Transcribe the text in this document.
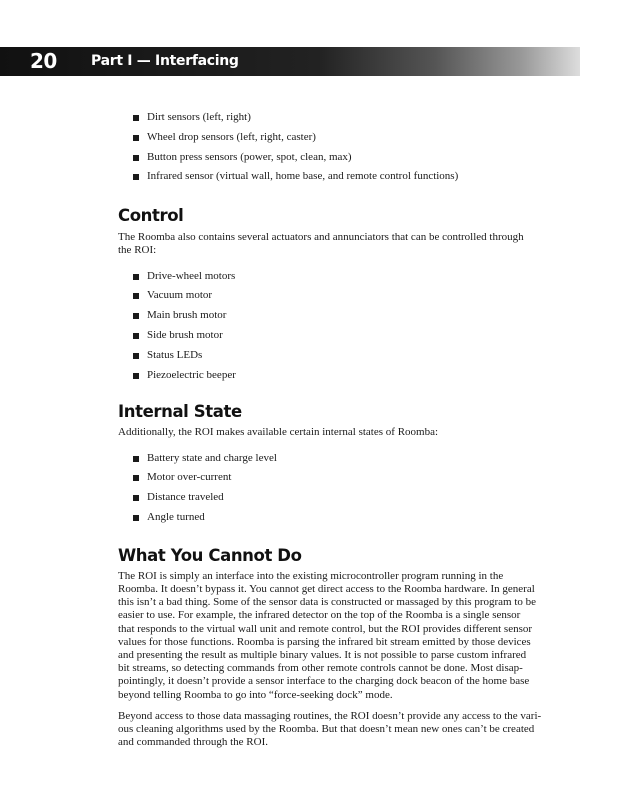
20 Part I — Interfacing
Dirt sensors (left, right)
Wheel drop sensors (left, right, caster)
Button press sensors (power, spot, clean, max)
Infrared sensor (virtual wall, home base, and remote control functions)
Control

The Roomba also contains several actuators and annunciators that can be controlled through
the ROI:

Drive-wheel motors
Vacuum motor
Main brush motor
Side brush motor
Status LEDs
Piezoelectric beeper
Internal State

Additionally, the ROI makes available certain internal states of Roomba:

Battery state and charge level
Motor over-current
Distance traveled
Angle turned
What You Cannot Do

The ROI is simply an interface into the existing microcontroller program running in the
Roomba. It doesn’t bypass it. You cannot get direct access to the Roomba hardware. In general
this isn’t a bad thing. Some of the sensor data is constructed or massaged by this program to be
easier to use. For example, the infrared detector on the top of the Roomba is a single sensor
that responds to the virtual wall unit and remote control, but the ROI provides different sensor
values for those functions. Roomba is parsing the infrared bit stream emitted by those devices
and presenting the result as multiple binary values. It is not possible to parse custom infrared
bit streams, so detecting commands from other remote controls cannot be done. Most disap-
pointingly, it doesn’t provide a sensor interface to the charging dock beacon of the home base
beyond telling Roomba to go into “force-seeking dock” mode.

Beyond access to those data massaging routines, the ROI doesn’t provide any access to the vari-
ous cleaning algorithms used by the Roomba. But that doesn’t mean new ones can’t be created
and commanded through the ROI.
